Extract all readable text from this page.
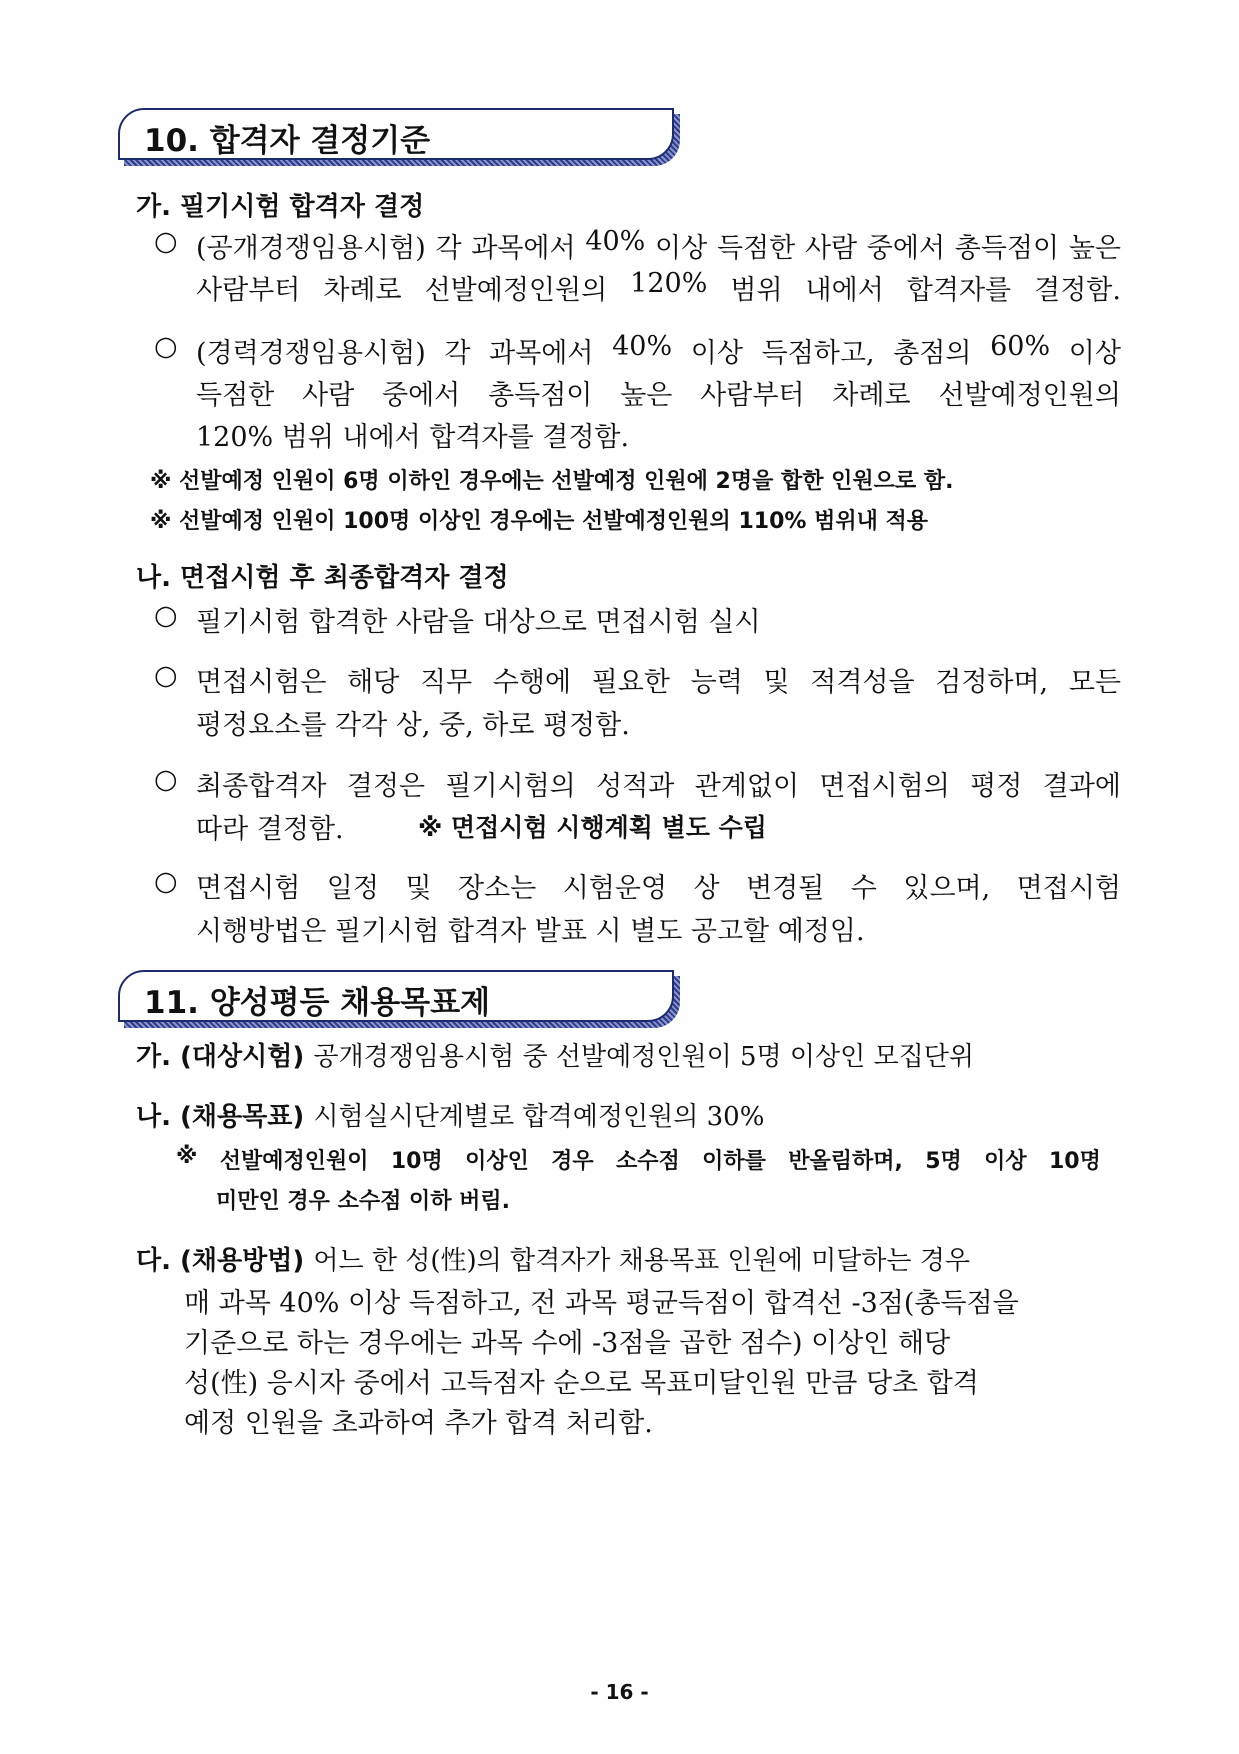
10. 합격자 결정기준
가. 필기시험 합격자 결정
○ (공개경쟁임용시험) 각 과목에서 40% 이상 득점한 사람 중에서 총득점이 높은
사람부터 차례로 선발예정인원의 120% 범위 내에서 합격자를 결정함.
○ (경력경쟁임용시험) 각 과목에서 40% 이상 득점하고, 총점의 60% 이상
득점한 사람 중에서 총득점이 높은 사람부터 차례로 선발예정인원의
120% 범위 내에서 합격자를 결정함.
※ 선발예정 인원이 6명 이하인 경우에는 선발예정 인원에 2명을 합한 인원으로 함.
※ 선발예정 인원이 100명 이상인 경우에는 선발예정인원의 110% 범위내 적용
나. 면접시험 후 최종합격자 결정
○ 필기시험 합격한 사람을 대상으로 면접시험 실시
○ 면접시험은 해당 직무 수행에 필요한 능력 및 적격성을 검정하며, 모든
평정요소를 각각 상, 중, 하로 평정함.
○ 최종합격자 결정은 필기시험의 성적과 관계없이 면접시험의 평정 결과에
따라 결정함.	※ 면접시험 시행계획 별도 수립
○ 면접시험 일정 및 장소는 시험운영 상 변경될 수 있으며, 면접시험
시행방법은 필기시험 합격자 발표 시 별도 공고할 예정임.
11. 양성평등 채용목표제
가. (대상시험) 공개경쟁임용시험 중 선발예정인원이 5명 이상인 모집단위
나. (채용목표) 시험실시단계별로 합격예정인원의 30%
※ 선발예정인원이 10명 이상인 경우 소수점 이하를 반올림하며, 5명 이상 10명
미만인 경우 소수점 이하 버림.
다. (채용방법) 어느 한 성(性)의 합격자가 채용목표 인원에 미달하는 경우
매 과목 40% 이상 득점하고, 전 과목 평균득점이 합격선 -3점(총득점을
기준으로 하는 경우에는 과목 수에 -3점을 곱한 점수) 이상인 해당
성(性) 응시자 중에서 고득점자 순으로 목표미달인원 만큼 당초 합격
예정 인원을 초과하여 추가 합격 처리함.
- 16 -
